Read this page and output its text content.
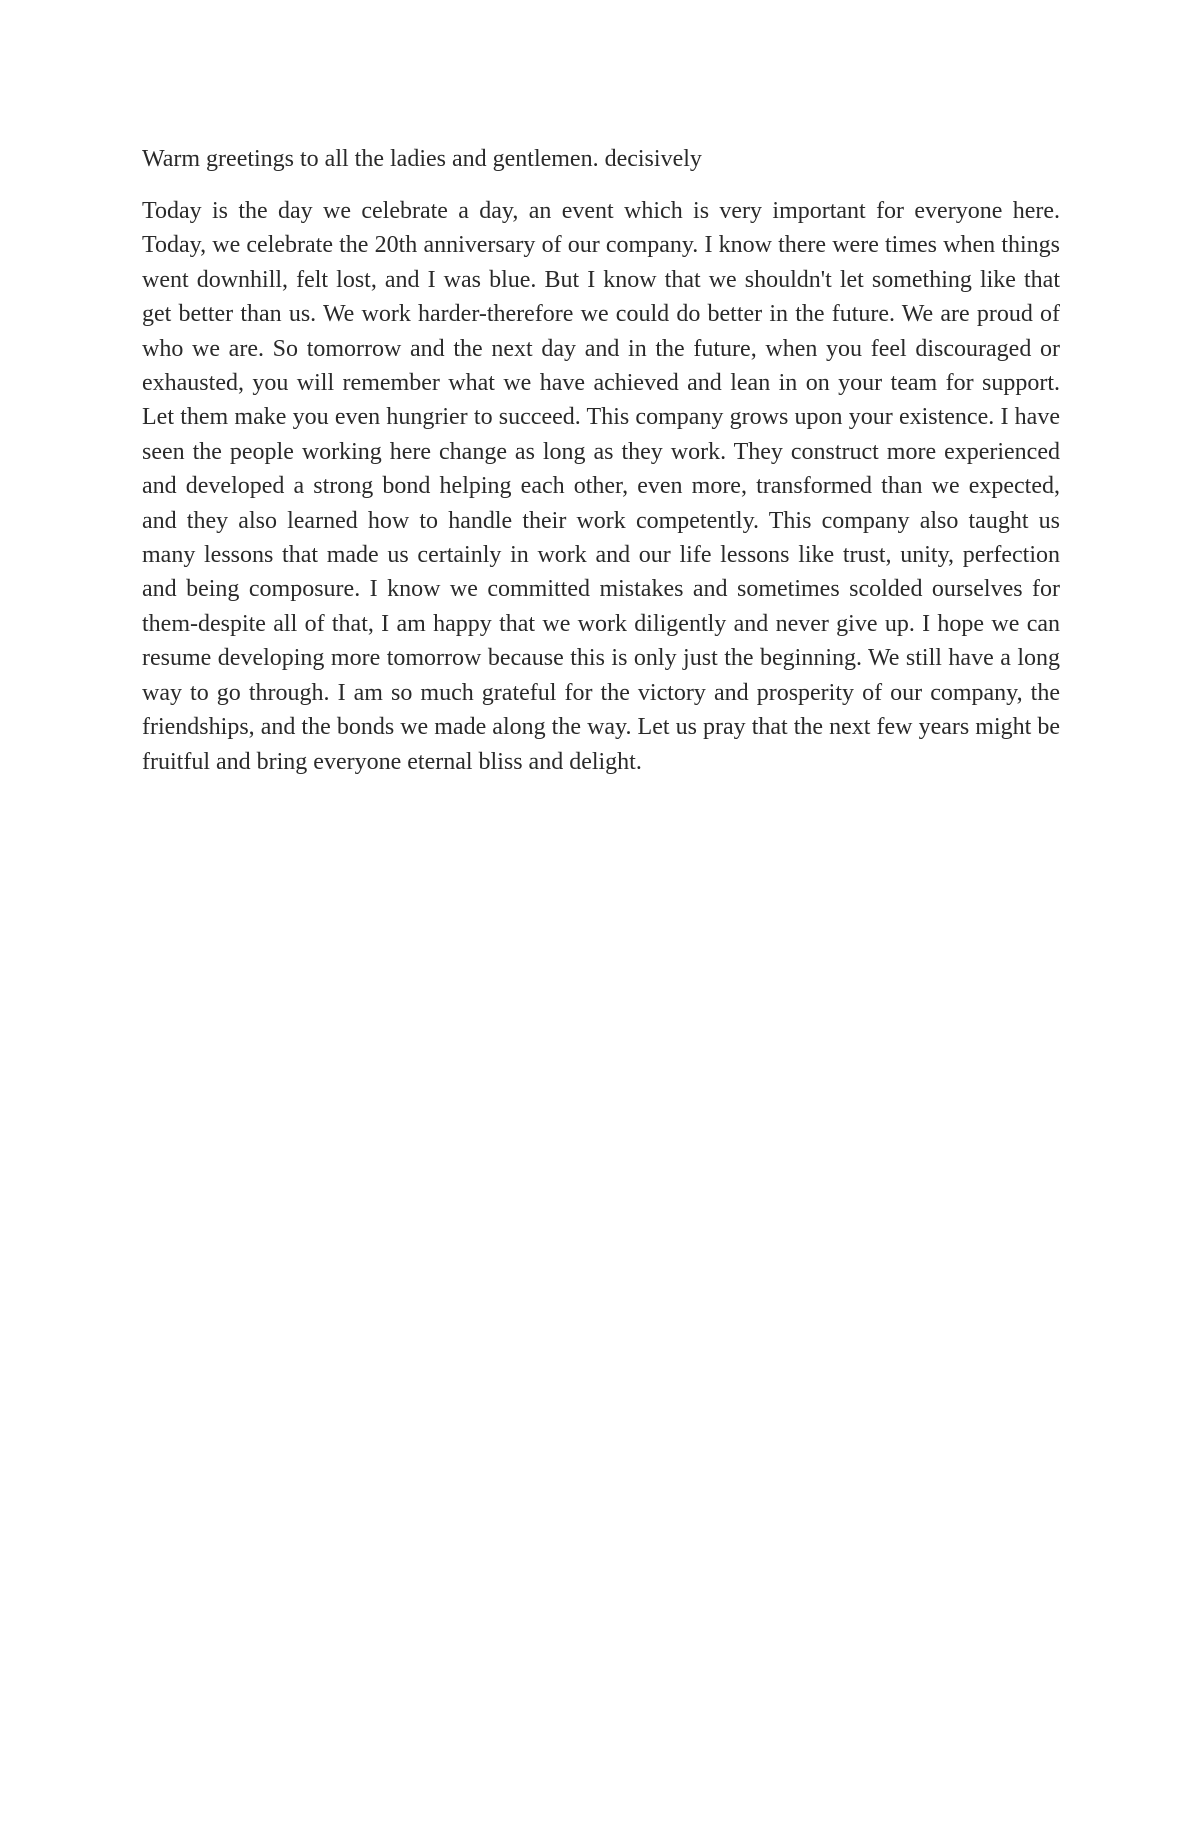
Warm greetings to all the ladies and gentlemen. decisively

Today is the day we celebrate a day, an event which is very important for everyone here. Today, we celebrate the 20th anniversary of our company. I know there were times when things went downhill, felt lost, and I was blue. But I know that we shouldn't let something like that get better than us. We work harder-therefore we could do better in the future. We are proud of who we are. So tomorrow and the next day and in the future, when you feel discouraged or exhausted, you will remember what we have achieved and lean in on your team for support. Let them make you even hungrier to succeed. This company grows upon your existence. I have seen the people working here change as long as they work. They construct more experienced and developed a strong bond helping each other, even more, transformed than we expected, and they also learned how to handle their work competently. This company also taught us many lessons that made us certainly in work and our life lessons like trust, unity, perfection and being composure. I know we committed mistakes and sometimes scolded ourselves for them-despite all of that, I am happy that we work diligently and never give up. I hope we can resume developing more tomorrow because this is only just the beginning. We still have a long way to go through. I am so much grateful for the victory and prosperity of our company, the friendships, and the bonds we made along the way. Let us pray that the next few years might be fruitful and bring everyone eternal bliss and delight.
